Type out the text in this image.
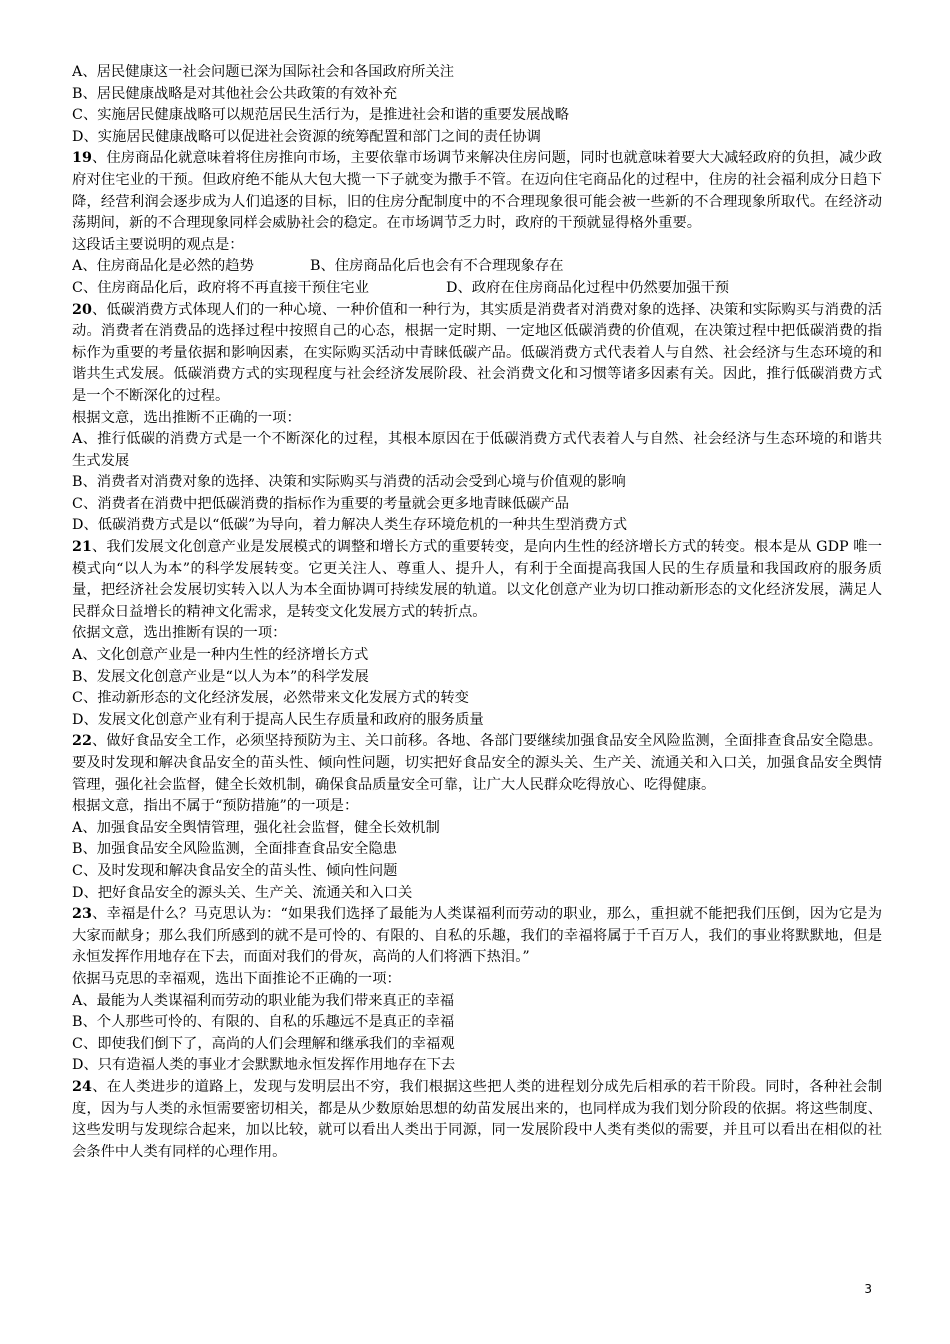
A、居民健康这一社会问题已深为国际社会和各国政府所关注
B、居民健康战略是对其他社会公共政策的有效补充
C、实施居民健康战略可以规范居民生活行为，是推进社会和谐的重要发展战略
D、实施居民健康战略可以促进社会资源的统筹配置和部门之间的责任协调
19、住房商品化就意味着将住房推向市场，主要依靠市场调节来解决住房问题，同时也就意味着要大大减轻政府的负担，减少政府对住宅业的干预。但政府绝不能从大包大揽一下子就变为撒手不管。在迈向住宅商品化的过程中，住房的社会福利成分日趋下降，经营利润会逐步成为人们追逐的目标，旧的住房分配制度中的不合理现象很可能会被一些新的不合理现象所取代。在经济动荡期间，新的不合理现象同样会威胁社会的稳定。在市场调节乏力时，政府的干预就显得格外重要。
这段话主要说明的观点是：
A、住房商品化是必然的趋势	B、住房商品化后也会有不合理现象存在
C、住房商品化后，政府将不再直接干预住宅业	D、政府在住房商品化过程中仍然要加强干预
20、低碳消费方式体现人们的一种心境、一种价值和一种行为，其实质是消费者对消费对象的选择、决策和实际购买与消费的活动。消费者在消费品的选择过程中按照自己的心态，根据一定时期、一定地区低碳消费的价值观，在决策过程中把低碳消费的指标作为重要的考量依据和影响因素，在实际购买活动中青睐低碳产品。低碳消费方式代表着人与自然、社会经济与生态环境的和谐共生式发展。低碳消费方式的实现程度与社会经济发展阶段、社会消费文化和习惯等诸多因素有关。因此，推行低碳消费方式是一个不断深化的过程。
根据文意，选出推断不正确的一项：
A、推行低碳的消费方式是一个不断深化的过程，其根本原因在于低碳消费方式代表着人与自然、社会经济与生态环境的和谐共生式发展
B、消费者对消费对象的选择、决策和实际购买与消费的活动会受到心境与价值观的影响
C、消费者在消费中把低碳消费的指标作为重要的考量就会更多地青睐低碳产品
D、低碳消费方式是以“低碳”为导向，着力解决人类生存环境危机的一种共生型消费方式
21、我们发展文化创意产业是发展模式的调整和增长方式的重要转变，是向内生性的经济增长方式的转变。根本是从 GDP 唯一模式向“以人为本”的科学发展转变。它更关注人、尊重人、提升人，有利于全面提高我国人民的生存质量和我国政府的服务质量，把经济社会发展切实转入以人为本全面协调可持续发展的轨道。以文化创意产业为切口推动新形态的文化经济发展，满足人民群众日益增长的精神文化需求，是转变文化发展方式的转折点。
依据文意，选出推断有误的一项：
A、文化创意产业是一种内生性的经济增长方式
B、发展文化创意产业是“以人为本”的科学发展
C、推动新形态的文化经济发展，必然带来文化发展方式的转变
D、发展文化创意产业有利于提高人民生存质量和政府的服务质量
22、做好食品安全工作，必须坚持预防为主、关口前移。各地、各部门要继续加强食品安全风险监测，全面排查食品安全隐患。要及时发现和解决食品安全的苗头性、倾向性问题，切实把好食品安全的源头关、生产关、流通关和入口关，加强食品安全舆情管理，强化社会监督，健全长效机制，确保食品质量安全可靠，让广大人民群众吃得放心、吃得健康。
根据文意，指出不属于“预防措施”的一项是：
A、加强食品安全舆情管理，强化社会监督，健全长效机制
B、加强食品安全风险监测，全面排查食品安全隐患
C、及时发现和解决食品安全的苗头性、倾向性问题
D、把好食品安全的源头关、生产关、流通关和入口关
23、幸福是什么？马克思认为：“如果我们选择了最能为人类谋福利而劳动的职业，那么，重担就不能把我们压倒，因为它是为大家而献身；那么我们所感到的就不是可怜的、有限的、自私的乐趣，我们的幸福将属于千百万人，我们的事业将默默地，但是永恒发挥作用地存在下去，而面对我们的骨灰，高尚的人们将洒下热泪。”
依据马克思的幸福观，选出下面推论不正确的一项：
A、最能为人类谋福利而劳动的职业能为我们带来真正的幸福
B、个人那些可怜的、有限的、自私的乐趣远不是真正的幸福
C、即使我们倒下了，高尚的人们会理解和继承我们的幸福观
D、只有造福人类的事业才会默默地永恒发挥作用地存在下去
24、在人类进步的道路上，发现与发明层出不穷，我们根据这些把人类的进程划分成先后相承的若干阶段。同时，各种社会制度，因为与人类的永恒需要密切相关，都是从少数原始思想的幼苗发展出来的，也同样成为我们划分阶段的依据。将这些制度、这些发明与发现综合起来，加以比较，就可以看出人类出于同源，同一发展阶段中人类有类似的需要，并且可以看出在相似的社会条件中人类有同样的心理作用。
3
